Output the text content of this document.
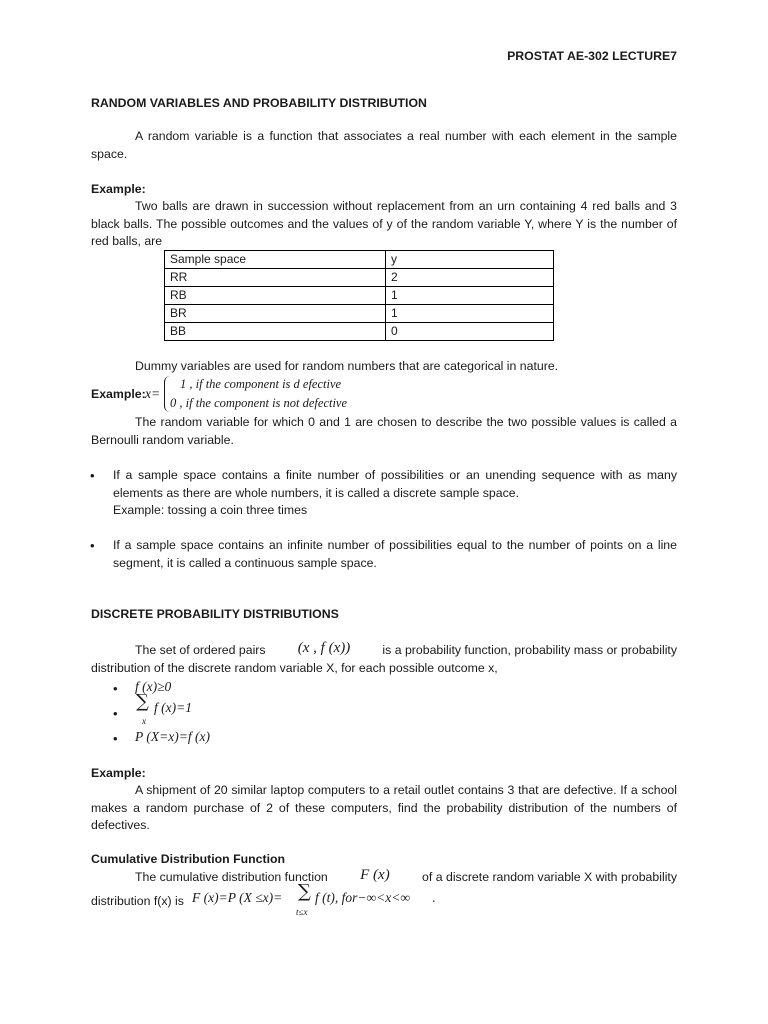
PROSTAT AE-302 LECTURE7
RANDOM VARIABLES AND PROBABILITY DISTRIBUTION
A random variable is a function that associates a real number with each element in the sample space.
Example:
Two balls are drawn in succession without replacement from an urn containing 4 red balls and 3 black balls. The possible outcomes and the values of y of the random variable Y, where Y is the number of red balls, are
Sample space	y
RR	2
RB	1
BR	1
BB	0
Dummy variables are used for random numbers that are categorical in nature.
Example: x=
1 , if the component is d efective
0 , if the component is not defective
The random variable for which 0 and 1 are chosen to describe the two possible values is called a Bernoulli random variable.
• If a sample space contains a finite number of possibilities or an unending sequence with as many elements as there are whole numbers, it is called a discrete sample space.
Example: tossing a coin three times
• If a sample space contains an infinite number of possibilities equal to the number of points on a line segment, it is called a continuous sample space.
DISCRETE PROBABILITY DISTRIBUTIONS
The set of ordered pairs (x , f (x))	is a probability function, probability mass or probability
distribution of the discrete random variable X, for each possible outcome x,
• f (x)≥0
•
∑
x
f (x)=1
• P (X=x)=f (x)
Example:
A shipment of 20 similar laptop computers to a retail outlet contains 3 that are defective. If a school makes a random purchase of 2 of these computers, find the probability distribution of the numbers of defectives.
Cumulative Distribution Function
The cumulative distribution function F (x)	of a discrete random variable X with probability
distribution f(x) is F (x)=P (X ≤x)= ∑
t≤x
f (t), for−∞<x<∞ .
